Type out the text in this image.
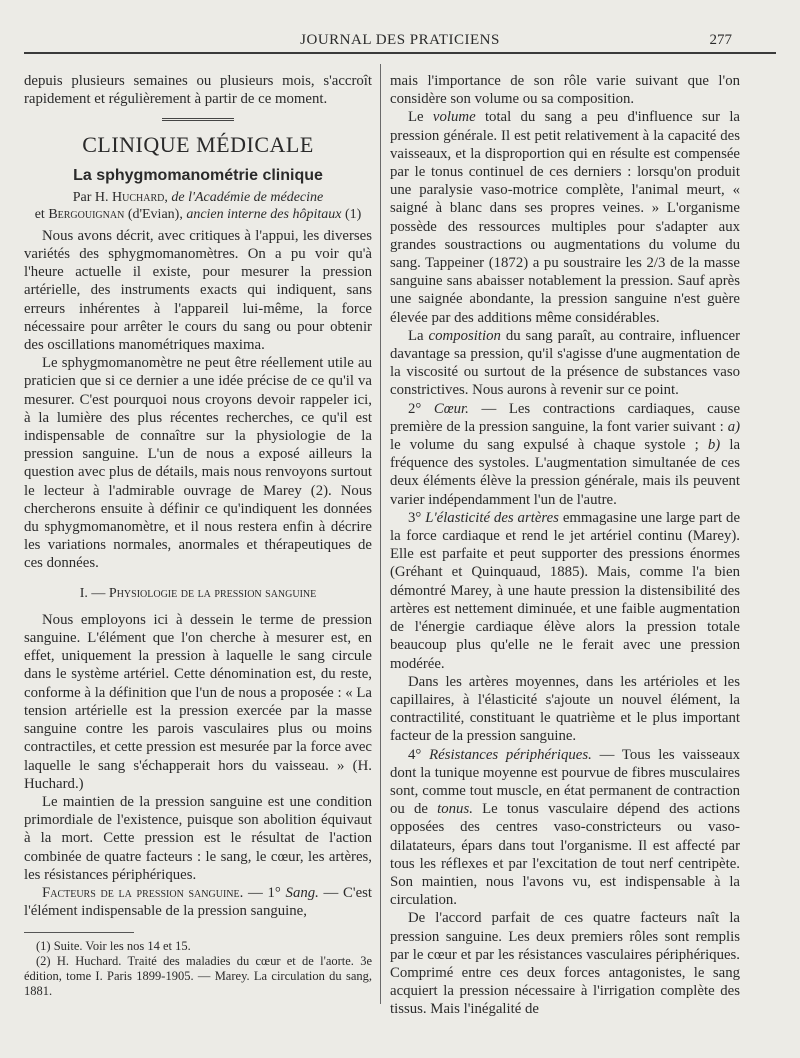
JOURNAL DES PRATICIENS	277

depuis plusieurs semaines ou plusieurs mois, s'accroît rapidement et régulièrement à partir de ce moment.

CLINIQUE MÉDICALE
La sphygmomanométrie clinique
Par H. Huchard, de l'Académie de médecine
et Bergouignan (d'Evian), ancien interne des hôpitaux (1)

Nous avons décrit, avec critiques à l'appui, les diverses variétés des sphygmomanomètres. On a pu voir qu'à l'heure actuelle il existe, pour mesurer la pression artérielle, des instruments exacts qui indiquent, sans erreurs inhérentes à l'appareil lui-même, la force nécessaire pour arrêter le cours du sang ou pour obtenir des oscillations manométriques maxima.

Le sphygmomanomètre ne peut être réellement utile au praticien que si ce dernier a une idée précise de ce qu'il va mesurer. C'est pourquoi nous croyons devoir rappeler ici, à la lumière des plus récentes recherches, ce qu'il est indispensable de connaître sur la physiologie de la pression sanguine. L'un de nous a exposé ailleurs la question avec plus de détails, mais nous renvoyons surtout le lecteur à l'admirable ouvrage de Marey (2). Nous chercherons ensuite à définir ce qu'indiquent les données du sphygmomanomètre, et il nous restera enfin à décrire les variations normales, anormales et thérapeutiques de ces données.

I. — Physiologie de la pression sanguine

Nous employons ici à dessein le terme de pression sanguine. L'élément que l'on cherche à mesurer est, en effet, uniquement la pression à laquelle le sang circule dans le système artériel. Cette dénomination est, du reste, conforme à la définition que l'un de nous a proposée : « La tension artérielle est la pression exercée par la masse sanguine contre les parois vasculaires plus ou moins contractiles, et cette pression est mesurée par la force avec laquelle le sang s'échapperait hors du vaisseau. » (H. Huchard.)

Le maintien de la pression sanguine est une condition primordiale de l'existence, puisque son abolition équivaut à la mort. Cette pression est le résultat de l'action combinée de quatre facteurs : le sang, le cœur, les artères, les résistances périphériques.

Facteurs de la pression sanguine. — 1° Sang. — C'est l'élément indispensable de la pression sanguine,

(1) Suite. Voir les nos 14 et 15.

(2) H. Huchard. Traité des maladies du cœur et de l'aorte. 3e édition, tome I. Paris 1899-1905. — Marey. La circulation du sang, 1881.

mais l'importance de son rôle varie suivant que l'on considère son volume ou sa composition.

Le volume total du sang a peu d'influence sur la pression générale. Il est petit relativement à la capacité des vaisseaux, et la disproportion qui en résulte est compensée par le tonus continuel de ces derniers : lorsqu'on produit une paralysie vaso-motrice complète, l'animal meurt, « saigné à blanc dans ses propres veines. » L'organisme possède des ressources multiples pour s'adapter aux grandes soustractions ou augmentations du volume du sang. Tappeiner (1872) a pu soustraire les 2/3 de la masse sanguine sans abaisser notablement la pression. Sauf après une saignée abondante, la pression sanguine n'est guère élevée par des additions même considérables.

La composition du sang paraît, au contraire, influencer davantage sa pression, qu'il s'agisse d'une augmentation de la viscosité ou surtout de la présence de substances vaso constrictives. Nous aurons à revenir sur ce point.

2° Cœur. — Les contractions cardiaques, cause première de la pression sanguine, la font varier suivant : a) le volume du sang expulsé à chaque systole ; b) la fréquence des systoles. L'augmentation simultanée de ces deux éléments élève la pression générale, mais ils peuvent varier indépendamment l'un de l'autre.

3° L'élasticité des artères emmagasine une large part de la force cardiaque et rend le jet artériel continu (Marey). Elle est parfaite et peut supporter des pressions énormes (Gréhant et Quinquaud, 1885). Mais, comme l'a bien démontré Marey, à une haute pression la distensibilité des artères est nettement diminuée, et une faible augmentation de l'énergie cardiaque élève alors la pression totale beaucoup plus qu'elle ne le ferait avec une pression modérée.

Dans les artères moyennes, dans les artérioles et les capillaires, à l'élasticité s'ajoute un nouvel élément, la contractilité, constituant le quatrième et le plus important facteur de la pression sanguine.

4° Résistances périphériques. — Tous les vaisseaux dont la tunique moyenne est pourvue de fibres musculaires sont, comme tout muscle, en état permanent de contraction ou de tonus. Le tonus vasculaire dépend des actions opposées des centres vaso-constricteurs ou vaso-dilatateurs, épars dans tout l'organisme. Il est affecté par tous les réflexes et par l'excitation de tout nerf centripète. Son maintien, nous l'avons vu, est indispensable à la circulation.

De l'accord parfait de ces quatre facteurs naît la pression sanguine. Les deux premiers rôles sont remplis par le cœur et par les résistances vasculaires périphériques. Comprimé entre ces deux forces antagonistes, le sang acquiert la pression nécessaire à l'irrigation complète des tissus. Mais l'inégalité de
